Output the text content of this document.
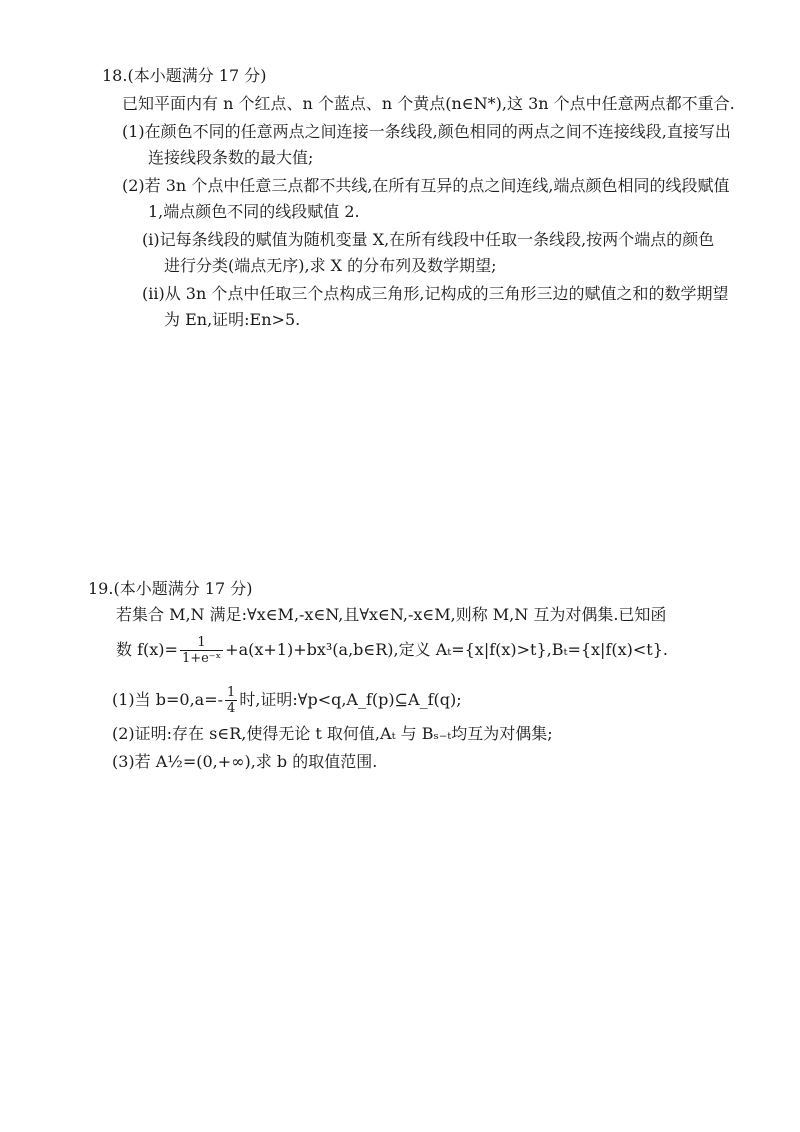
18.(本小题满分 17 分)
已知平面内有 n 个红点、n 个蓝点、n 个黄点(n∈N*),这 3n 个点中任意两点都不重合.
(1)在颜色不同的任意两点之间连接一条线段,颜色相同的两点之间不连接线段,直接写出
连接线段条数的最大值;
(2)若 3n 个点中任意三点都不共线,在所有互异的点之间连线,端点颜色相同的线段赋值
1,端点颜色不同的线段赋值 2.
(i)记每条线段的赋值为随机变量 X,在所有线段中任取一条线段,按两个端点的颜色
进行分类(端点无序),求 X 的分布列及数学期望;
(ii)从 3n 个点中任取三个点构成三角形,记构成的三角形三边的赋值之和的数学期望
为 En,证明:En>5.
19.(本小题满分 17 分)
若集合 M,N 满足:∀x∈M,-x∈N,且∀x∈N,-x∈M,则称 M,N 互为对偶集.已知函
数 $f(x)= \frac{1}{\text{1+e⁻ˣ}}$ +a(x+1)+bx³(a,b∈R),定义 Aₜ={x|f(x)>t},Bₜ={x|f(x)<t}.
(1)当 $b=0,a=- \frac{1}{4}$ 时,证明:∀p<q,A_f(p)⊆A_f(q);
(2)证明:存在 s∈R,使得无论 t 取何值,Aₜ 与 Bₛ₋ₜ均互为对偶集;
(3)若 A½=(0,+∞),求 b 的取值范围.
